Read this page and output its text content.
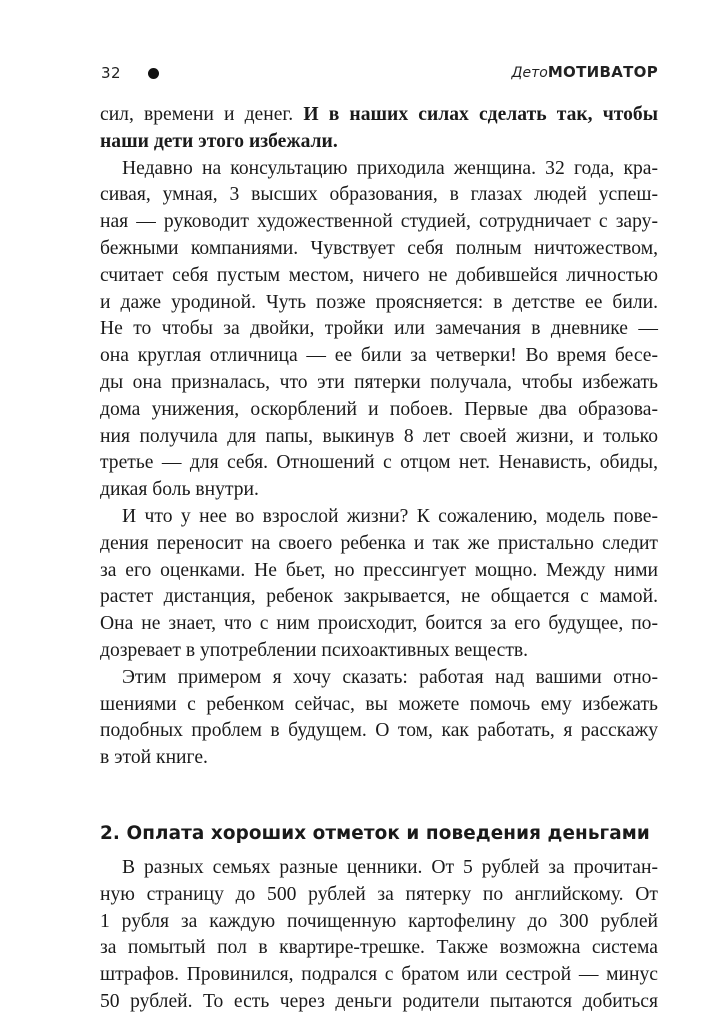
32	ДетоМОТИВАТОР
сил, времени и денег. И в наших силах сделать так, чтобы
наши дети этого избежали.
Недавно на консультацию приходила женщина. 32 года, кра-
сивая, умная, 3 высших образования, в глазах людей успеш-
ная — руководит художественной студией, сотрудничает с зару-
бежными компаниями. Чувствует себя полным ничтожеством,
считает себя пустым местом, ничего не добившейся личностью
и даже уродиной. Чуть позже проясняется: в детстве ее били.
Не то чтобы за двойки, тройки или замечания в дневнике —
она круглая отличница — ее били за четверки! Во время бесе-
ды она призналась, что эти пятерки получала, чтобы избежать
дома унижения, оскорблений и побоев. Первые два образова-
ния получила для папы, выкинув 8 лет своей жизни, и только
третье — для себя. Отношений с отцом нет. Ненависть, обиды,
дикая боль внутри.
И что у нее во взрослой жизни? К сожалению, модель пове-
дения переносит на своего ребенка и так же пристально следит
за его оценками. Не бьет, но прессингует мощно. Между ними
растет дистанция, ребенок закрывается, не общается с мамой.
Она не знает, что с ним происходит, боится за его будущее, по-
дозревает в употреблении психоактивных веществ.
Этим примером я хочу сказать: работая над вашими отно-
шениями с ребенком сейчас, вы можете помочь ему избежать
подобных проблем в будущем. О том, как работать, я расскажу
в этой книге.
2. Оплата хороших отметок и поведения деньгами
В разных семьях разные ценники. От 5 рублей за прочитан-
ную страницу до 500 рублей за пятерку по английскому. От
1 рубля за каждую почищенную картофелину до 300 рублей
за помытый пол в квартире-трешке. Также возможна система
штрафов. Провинился, подрался с братом или сестрой — минус
50 рублей. То есть через деньги родители пытаются добиться
